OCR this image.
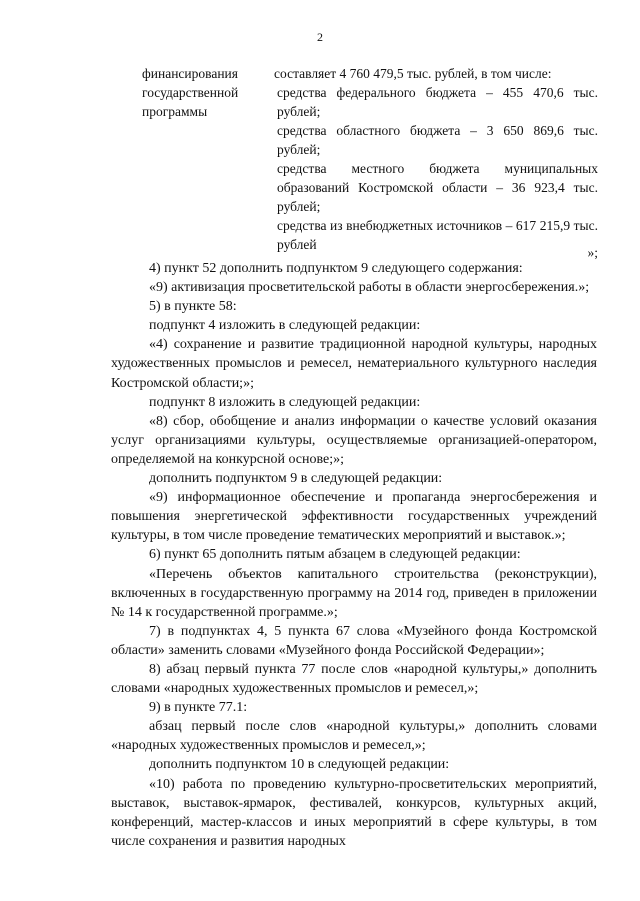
2
финансирования государственной программы

составляет 4 760 479,5 тыс. рублей, в том числе:

средства федерального бюджета – 455 470,6 тыс. рублей;

средства областного бюджета – 3 650 869,6 тыс. рублей;

средства местного бюджета муниципальных образований Костромской области – 36 923,4 тыс. рублей;

средства из внебюджетных источников – 617 215,9 тыс. рублей

»;

4) пункт 52 дополнить подпунктом 9 следующего содержания:

«9) активизация просветительской работы в области энергосбережения.»;

5) в пункте 58:

подпункт 4 изложить в следующей редакции:

«4) сохранение и развитие традиционной народной культуры, народных художественных промыслов и ремесел, нематериального культурного наследия Костромской области;»;

подпункт 8 изложить в следующей редакции:

«8) сбор, обобщение и анализ информации о качестве условий оказания услуг организациями культуры, осуществляемые организацией-оператором, определяемой на конкурсной основе;»;

дополнить подпунктом 9 в следующей редакции:

«9) информационное обеспечение и пропаганда энергосбережения и повышения энергетической эффективности государственных учреждений культуры, в том числе проведение тематических мероприятий и выставок.»;

6) пункт 65 дополнить пятым абзацем в следующей редакции:

«Перечень объектов капитального строительства (реконструкции), включенных в государственную программу на 2014 год, приведен в приложении № 14 к государственной программе.»;

7) в подпунктах 4, 5 пункта 67 слова «Музейного фонда Костромской области» заменить словами «Музейного фонда Российской Федерации»;

8) абзац первый пункта 77 после слов «народной культуры,» дополнить словами «народных художественных промыслов и ремесел,»;

9) в пункте 77.1:

абзац первый после слов «народной культуры,» дополнить словами «народных художественных промыслов и ремесел,»;

дополнить подпунктом 10 в следующей редакции:

«10) работа по проведению культурно-просветительских мероприятий, выставок, выставок-ярмарок, фестивалей, конкурсов, культурных акций, конференций, мастер-классов и иных мероприятий в сфере культуры, в том числе сохранения и развития народных
